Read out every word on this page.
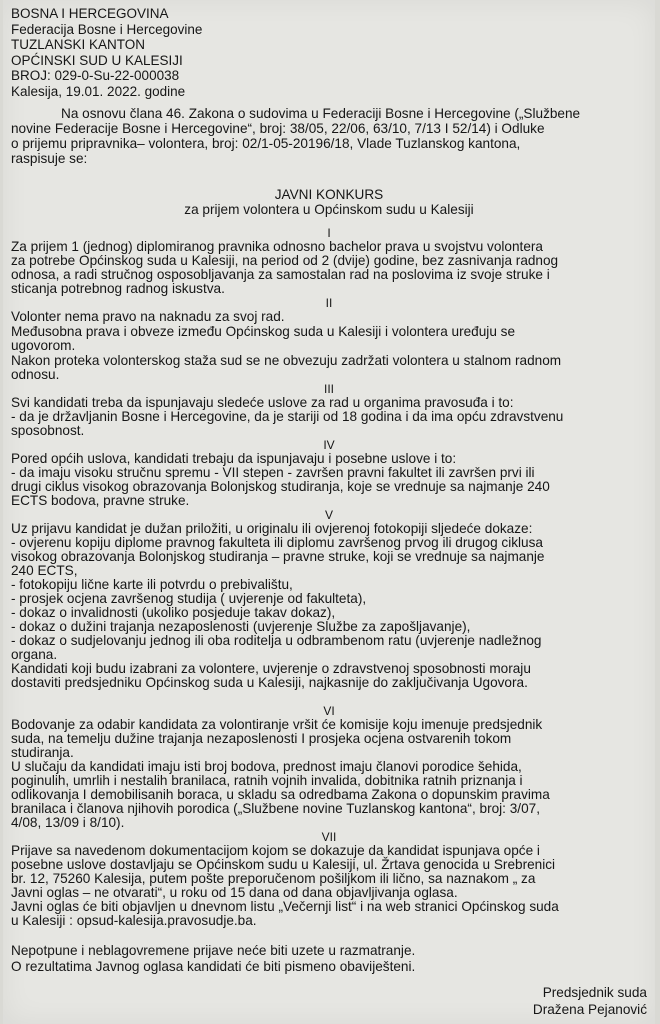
BOSNA I HERCEGOVINA
Federacija Bosne i Hercegovine
TUZLANSKI KANTON
OPĆINSKI SUD U KALESIJI
BROJ: 029-0-Su-22-000038
Kalesija, 19.01. 2022. godine
Na osnovu člana 46. Zakona o sudovima u Federaciji Bosne i Hercegovine („Službene
novine Federacije Bosne i Hercegovine“, broj: 38/05, 22/06, 63/10, 7/13 I 52/14) i Odluke
o prijemu pripravnika– volontera, broj: 02/1-05-20196/18, Vlade Tuzlanskog kantona,
raspisuje se:
JAVNI KONKURS
za prijem volontera u Općinskom sudu u Kalesiji
I
Za prijem 1 (jednog) diplomiranog pravnika odnosno bachelor prava u svojstvu volontera
za potrebe Općinskog suda u Kalesiji, na period od 2 (dvije) godine, bez zasnivanja radnog
odnosa, a radi stručnog osposobljavanja za samostalan rad na poslovima iz svoje struke i
sticanja potrebnog radnog iskustva.
II
Volonter nema pravo na naknadu za svoj rad.
Međusobna prava i obveze između Općinskog suda u Kalesiji i volontera uređuju se
ugovorom.
Nakon proteka volonterskog staža sud se ne obvezuju zadržati volontera u stalnom radnom
odnosu.
III
Svi kandidati treba da ispunjavaju sledeće uslove za rad u organima pravosuđa i to:
- da je državljanin Bosne i Hercegovine, da je stariji od 18 godina i da ima opću zdravstvenu
sposobnost.
IV
Pored općih uslova, kandidati trebaju da ispunjavaju i posebne uslove i to:
- da imaju visoku stručnu spremu - VII stepen - završen pravni fakultet ili završen prvi ili
drugi ciklus visokog obrazovanja Bolonjskog studiranja, koje se vrednuje sa najmanje 240
ECTS bodova, pravne struke.
V
Uz prijavu kandidat je dužan priložiti, u originalu ili ovjerenoj fotokopiji sljedeće dokaze:
- ovjerenu kopiju diplome pravnog fakulteta ili diplomu završenog prvog ili drugog ciklusa
visokog obrazovanja Bolonjskog studiranja – pravne struke, koji se vrednuje sa najmanje
240 ECTS,
- fotokopiju lične karte ili potvrdu o prebivalištu,
- prosjek ocjena završenog studija ( uvjerenje od fakulteta),
- dokaz o invalidnosti (ukoliko posjeduje takav dokaz),
- dokaz o dužini trajanja nezaposlenosti (uvjerenje Službe za zapošljavanje),
- dokaz o sudjelovanju jednog ili oba roditelja u odbrambenom ratu (uvjerenje nadležnog
organa.
Kandidati koji budu izabrani za volontere, uvjerenje o zdravstvenoj sposobnosti moraju
dostaviti predsjedniku Općinskog suda u Kalesiji, najkasnije do zaključivanja Ugovora.
VI
Bodovanje za odabir kandidata za volontiranje vršit će komisije koju imenuje predsjednik
suda, na temelju dužine trajanja nezaposlenosti I prosjeka ocjena ostvarenih tokom
studiranja.
U slučaju da kandidati imaju isti broj bodova, prednost imaju članovi porodice šehida,
poginulih, umrlih i nestalih branilaca, ratnih vojnih invalida, dobitnika ratnih priznanja i
odlikovanja I demobilisanih boraca, u skladu sa odredbama Zakona o dopunskim pravima
branilaca i članova njihovih porodica („Službene novine Tuzlanskog kantona“, broj: 3/07,
4/08, 13/09 i 8/10).
VII
Prijave sa navedenom dokumentacijom kojom se dokazuje da kandidat ispunjava opće i
posebne uslove dostavljaju se Općinskom sudu u Kalesiji, ul. Žrtava genocida u Srebrenici
br. 12, 75260 Kalesija, putem pošte preporučenom pošiljkom ili lično, sa naznakom „ za
Javni oglas – ne otvarati“, u roku od 15 dana od dana objavljivanja oglasa.
Javni oglas će biti objavljen u dnevnom listu „Večernji list“ i na web stranici Općinskog suda
u Kalesiji : opsud-kalesija.pravosudje.ba.
Nepotpune i neblagovremene prijave neće biti uzete u razmatranje.
O rezultatima Javnog oglasa kandidati će biti pismeno obaviješteni.
Predsjednik suda
Dražena Pejanović
